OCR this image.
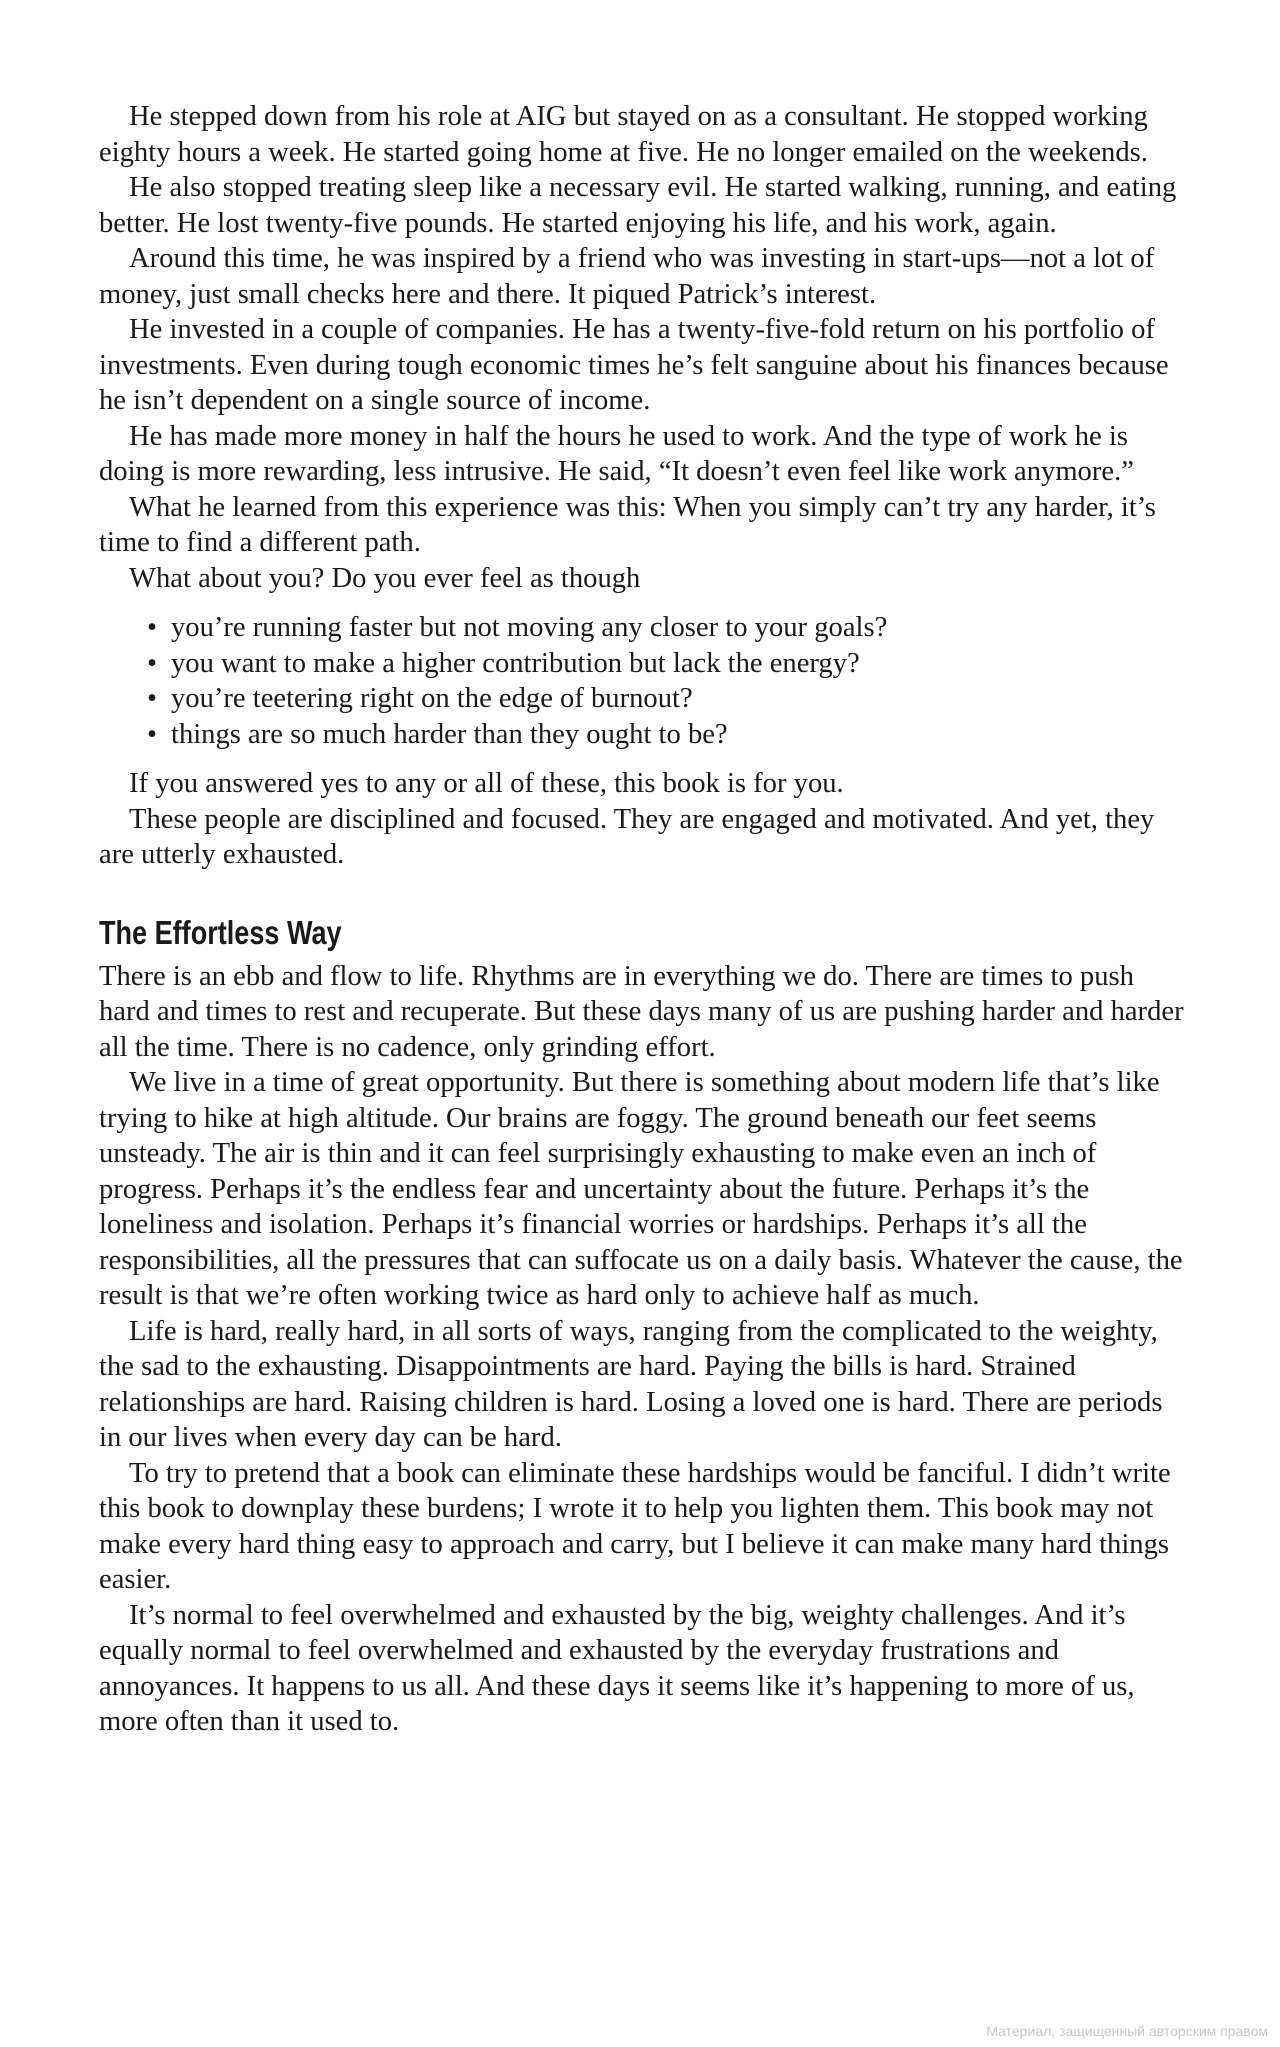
He stepped down from his role at AIG but stayed on as a consultant. He stopped working eighty hours a week. He started going home at five. He no longer emailed on the weekends.

He also stopped treating sleep like a necessary evil. He started walking, running, and eating better. He lost twenty-five pounds. He started enjoying his life, and his work, again.

Around this time, he was inspired by a friend who was investing in start-ups—not a lot of money, just small checks here and there. It piqued Patrick’s interest.

He invested in a couple of companies. He has a twenty-five-fold return on his portfolio of investments. Even during tough economic times he’s felt sanguine about his finances because he isn’t dependent on a single source of income.

He has made more money in half the hours he used to work. And the type of work he is doing is more rewarding, less intrusive. He said, “It doesn’t even feel like work anymore.”

What he learned from this experience was this: When you simply can’t try any harder, it’s time to find a different path.

What about you? Do you ever feel as though

• you’re running faster but not moving any closer to your goals?
• you want to make a higher contribution but lack the energy?
• you’re teetering right on the edge of burnout?
• things are so much harder than they ought to be?

If you answered yes to any or all of these, this book is for you.

These people are disciplined and focused. They are engaged and motivated. And yet, they are utterly exhausted.

The Effortless Way

There is an ebb and flow to life. Rhythms are in everything we do. There are times to push hard and times to rest and recuperate. But these days many of us are pushing harder and harder all the time. There is no cadence, only grinding effort.

We live in a time of great opportunity. But there is something about modern life that’s like trying to hike at high altitude. Our brains are foggy. The ground beneath our feet seems unsteady. The air is thin and it can feel surprisingly exhausting to make even an inch of progress. Perhaps it’s the endless fear and uncertainty about the future. Perhaps it’s the loneliness and isolation. Perhaps it’s financial worries or hardships. Perhaps it’s all the responsibilities, all the pressures that can suffocate us on a daily basis. Whatever the cause, the result is that we’re often working twice as hard only to achieve half as much.

Life is hard, really hard, in all sorts of ways, ranging from the complicated to the weighty, the sad to the exhausting. Disappointments are hard. Paying the bills is hard. Strained relationships are hard. Raising children is hard. Losing a loved one is hard. There are periods in our lives when every day can be hard.

To try to pretend that a book can eliminate these hardships would be fanciful. I didn’t write this book to downplay these burdens; I wrote it to help you lighten them. This book may not make every hard thing easy to approach and carry, but I believe it can make many hard things easier.

It’s normal to feel overwhelmed and exhausted by the big, weighty challenges. And it’s equally normal to feel overwhelmed and exhausted by the everyday frustrations and annoyances. It happens to us all. And these days it seems like it’s happening to more of us, more often than it used to.

Материал, защищенный авторским правом
